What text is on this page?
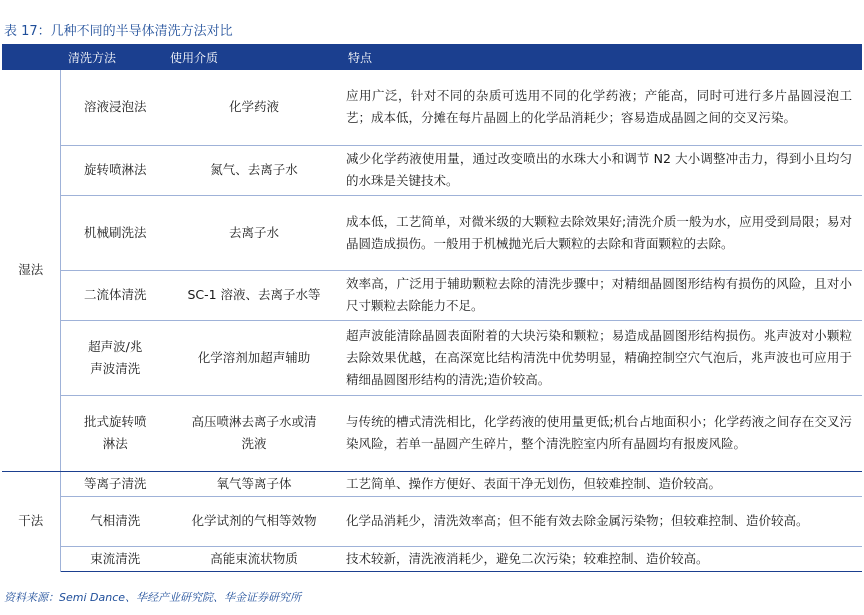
表 17：几种不同的半导体清洗方法对比
	清洗方法	使用介质	特点
湿法	溶液浸泡法	化学药液	应用广泛，针对不同的杂质可选用不同的化学药液；产能高，同时可进行多片晶圆浸泡工艺；成本低，分摊在每片晶圆上的化学品消耗少；容易造成晶圆之间的交叉污染。
	旋转喷淋法	氮气、去离子水	减少化学药液使用量，通过改变喷出的水珠大小和调节 N2 大小调整冲击力，得到小且均匀的水珠是关键技术。
	机械刷洗法	去离子水	成本低，工艺简单，对微米级的大颗粒去除效果好;清洗介质一般为水，应用受到局限；易对晶圆造成损伤。一般用于机械抛光后大颗粒的去除和背面颗粒的去除。
	二流体清洗	SC-1 溶液、去离子水等	效率高，广泛用于辅助颗粒去除的清洗步骤中；对精细晶圆图形结构有损伤的风险，且对小尺寸颗粒去除能力不足。
	超声波/兆声波清洗	化学溶剂加超声辅助	超声波能清除晶圆表面附着的大块污染和颗粒；易造成晶圆图形结构损伤。兆声波对小颗粒去除效果优越，在高深宽比结构清洗中优势明显，精确控制空穴气泡后，兆声波也可应用于精细晶圆图形结构的清洗;造价较高。
	批式旋转喷淋法	高压喷淋去离子水或清洗液	与传统的槽式清洗相比，化学药液的使用量更低;机台占地面积小；化学药液之间存在交叉污染风险，若单一晶圆产生碎片，整个清洗腔室内所有晶圆均有报废风险。
干法	等离子清洗	氧气等离子体	工艺简单、操作方便好、表面干净无划伤，但较难控制、造价较高。
	气相清洗	化学试剂的气相等效物	化学品消耗少，清洗效率高；但不能有效去除金属污染物；但较难控制、造价较高。
	束流清洗	高能束流状物质	技术较新，清洗液消耗少，避免二次污染；较难控制、造价较高。
资料来源：Semi Dance、华经产业研究院、华金证券研究所
